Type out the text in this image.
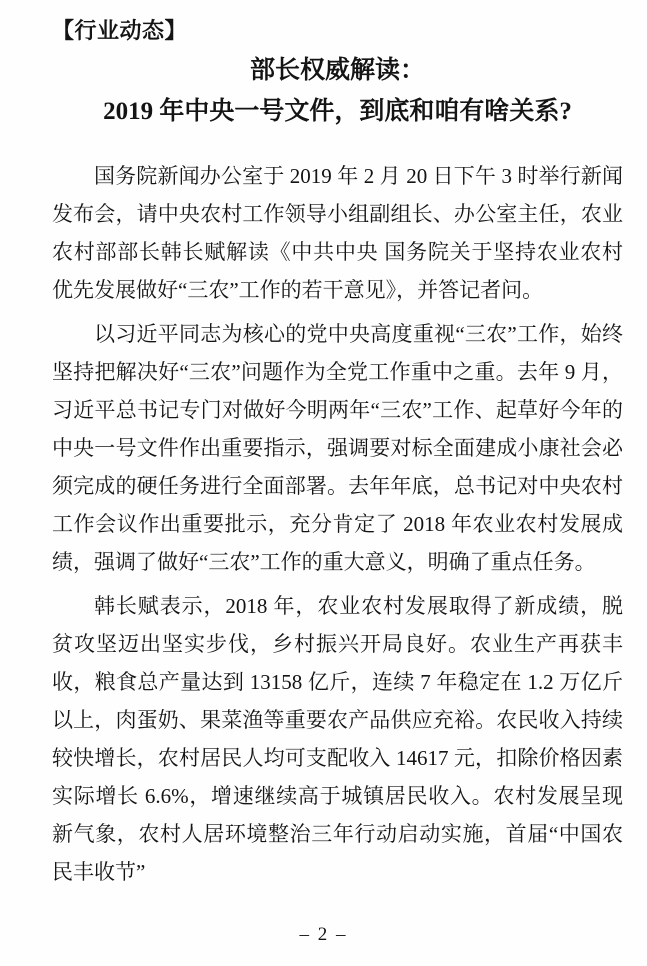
【行业动态】
部长权威解读：
2019 年中央一号文件，到底和咱有啥关系?

国务院新闻办公室于 2019 年 2 月 20 日下午 3 时举行新闻发布会，请中央农村工作领导小组副组长、办公室主任，农业农村部部长韩长赋解读《中共中央 国务院关于坚持农业农村优先发展做好“三农”工作的若干意见》，并答记者问。

以习近平同志为核心的党中央高度重视“三农”工作，始终坚持把解决好“三农”问题作为全党工作重中之重。去年 9 月，习近平总书记专门对做好今明两年“三农”工作、起草好今年的中央一号文件作出重要指示，强调要对标全面建成小康社会必须完成的硬任务进行全面部署。去年年底，总书记对中央农村工作会议作出重要批示，充分肯定了 2018 年农业农村发展成绩，强调了做好“三农”工作的重大意义，明确了重点任务。

韩长赋表示，2018 年，农业农村发展取得了新成绩，脱贫攻坚迈出坚实步伐，乡村振兴开局良好。农业生产再获丰收，粮食总产量达到 13158 亿斤，连续 7 年稳定在 1.2 万亿斤以上，肉蛋奶、果菜渔等重要农产品供应充裕。农民收入持续较快增长，农村居民人均可支配收入 14617 元，扣除价格因素实际增长 6.6%，增速继续高于城镇居民收入。农村发展呈现新气象，农村人居环境整治三年行动启动实施，首届“中国农民丰收节”

– 2 –
